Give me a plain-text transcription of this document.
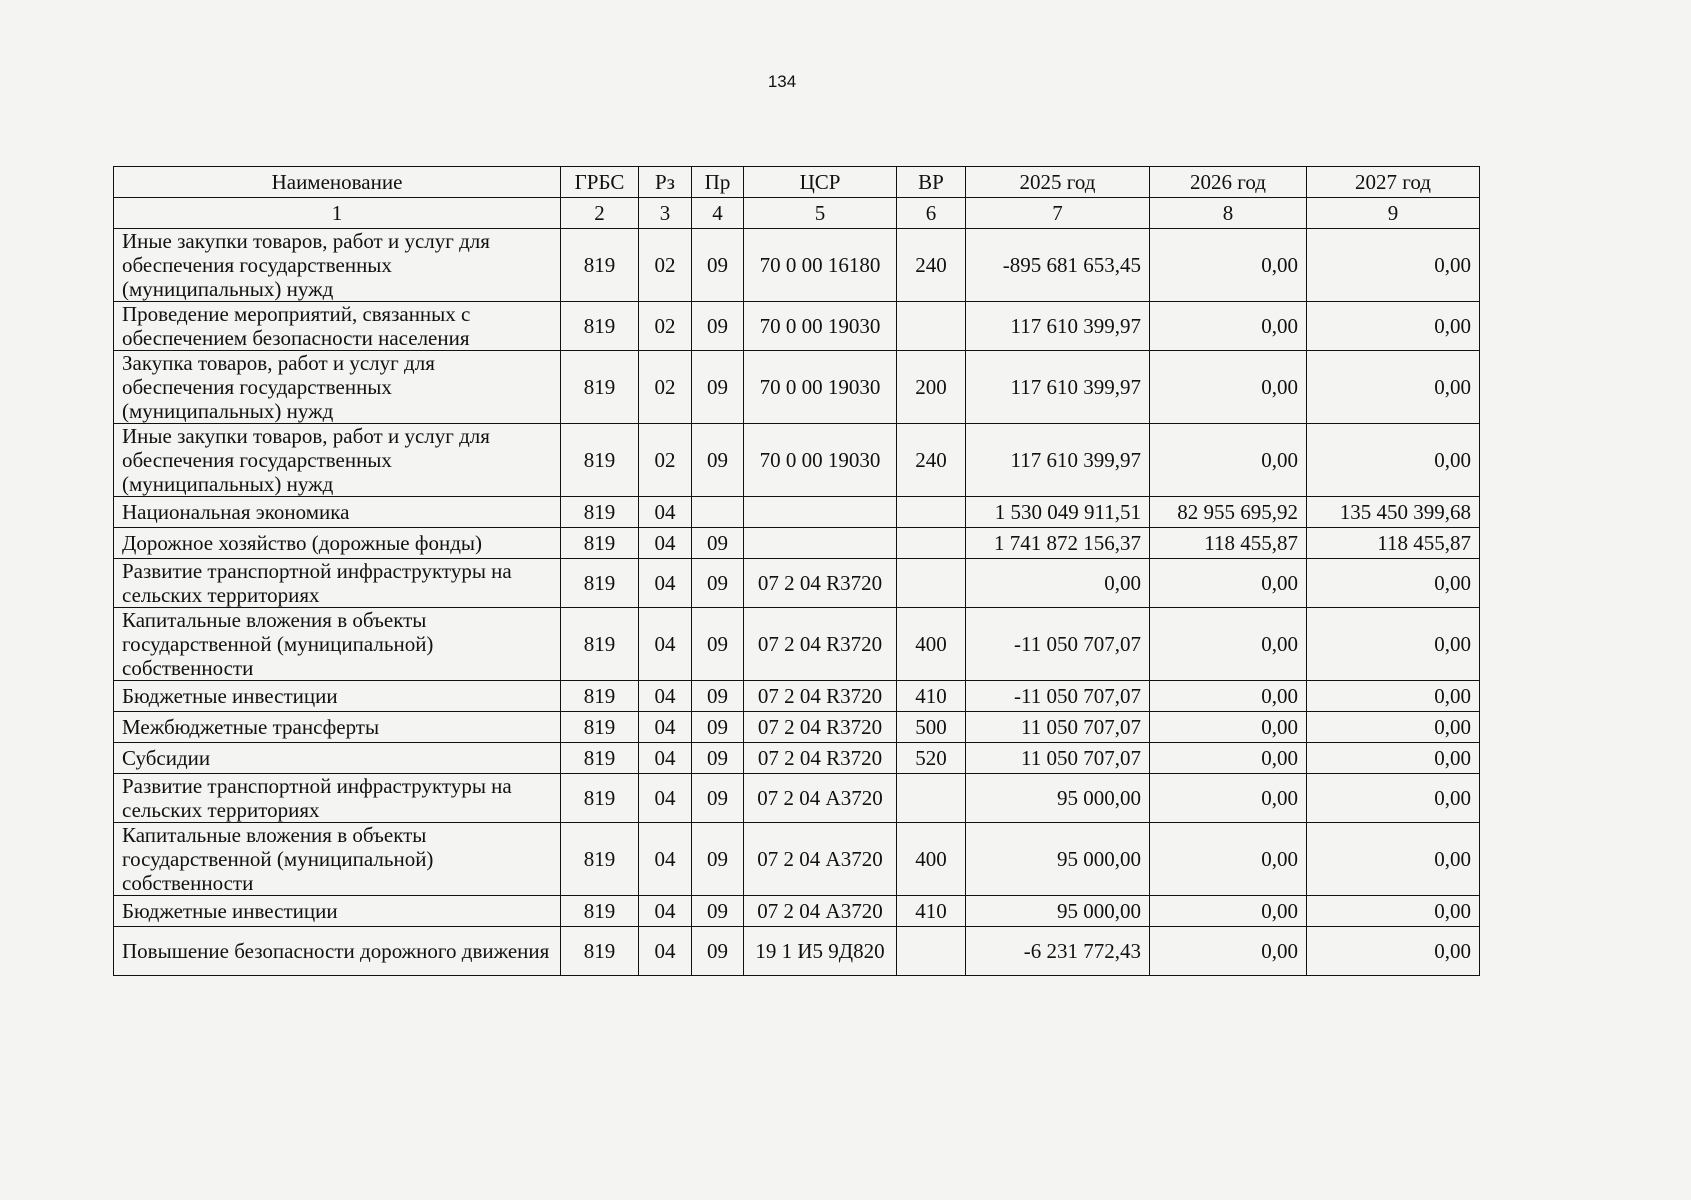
134
Наименование	ГРБС	Рз	Пр	ЦСР	ВР	2025 год	2026 год	2027 год
1	2	3	4	5	6	7	8	9
Иные закупки товаров, работ и услуг для обеспечения государственных (муниципальных) нужд	819	02	09	70 0 00 16180	240	-895 681 653,45	0,00	0,00
Проведение мероприятий, связанных с обеспечением безопасности населения	819	02	09	70 0 00 19030		117 610 399,97	0,00	0,00
Закупка товаров, работ и услуг для обеспечения государственных (муниципальных) нужд	819	02	09	70 0 00 19030	200	117 610 399,97	0,00	0,00
Иные закупки товаров, работ и услуг для обеспечения государственных (муниципальных) нужд	819	02	09	70 0 00 19030	240	117 610 399,97	0,00	0,00
Национальная экономика	819	04				1 530 049 911,51	82 955 695,92	135 450 399,68
Дорожное хозяйство (дорожные фонды)	819	04	09			1 741 872 156,37	118 455,87	118 455,87
Развитие транспортной инфраструктуры на сельских территориях	819	04	09	07 2 04 R3720		0,00	0,00	0,00
Капитальные вложения в объекты государственной (муниципальной) собственности	819	04	09	07 2 04 R3720	400	-11 050 707,07	0,00	0,00
Бюджетные инвестиции	819	04	09	07 2 04 R3720	410	-11 050 707,07	0,00	0,00
Межбюджетные трансферты	819	04	09	07 2 04 R3720	500	11 050 707,07	0,00	0,00
Субсидии	819	04	09	07 2 04 R3720	520	11 050 707,07	0,00	0,00
Развитие транспортной инфраструктуры на сельских территориях	819	04	09	07 2 04 А3720		95 000,00	0,00	0,00
Капитальные вложения в объекты государственной (муниципальной) собственности	819	04	09	07 2 04 А3720	400	95 000,00	0,00	0,00
Бюджетные инвестиции	819	04	09	07 2 04 А3720	410	95 000,00	0,00	0,00
Повышение безопасности дорожного движения	819	04	09	19 1 И5 9Д820		-6 231 772,43	0,00	0,00
